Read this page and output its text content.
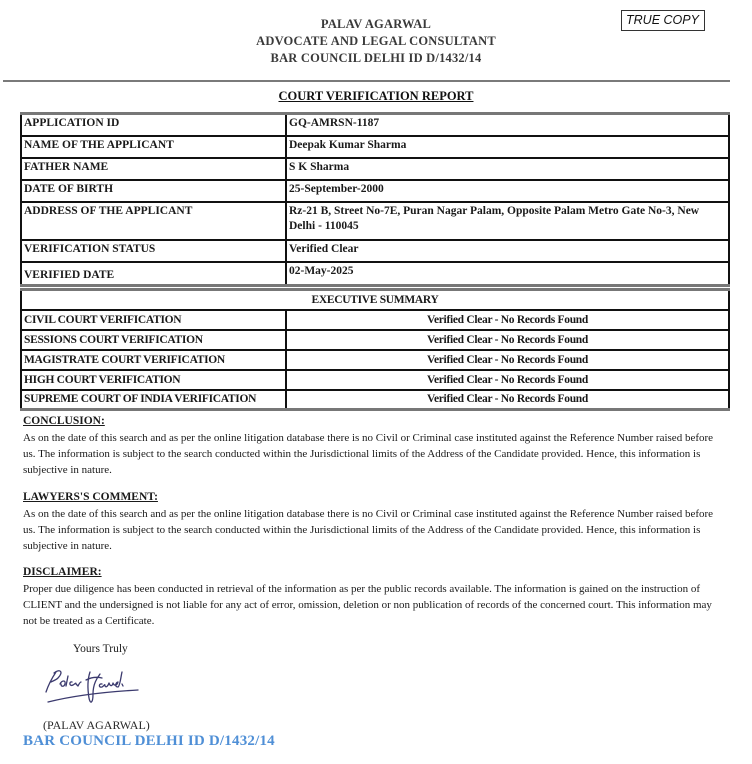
PALAV AGARWAL
ADVOCATE AND LEGAL CONSULTANT
BAR COUNCIL DELHI ID D/1432/14
TRUE COPY
COURT VERIFICATION REPORT
APPLICATION ID	GQ-AMRSN-1187
NAME OF THE APPLICANT	Deepak Kumar Sharma
FATHER NAME	S K Sharma
DATE OF BIRTH	25-September-2000
ADDRESS OF THE APPLICANT	Rz-21 B, Street No-7E, Puran Nagar Palam, Opposite Palam Metro Gate No-3, New Delhi - 110045
VERIFICATION STATUS	Verified Clear
VERIFIED DATE	02-May-2025
EXECUTIVE SUMMARY	
CIVIL COURT VERIFICATION	Verified Clear - No Records Found
SESSIONS COURT VERIFICATION	Verified Clear - No Records Found
MAGISTRATE COURT VERIFICATION	Verified Clear - No Records Found
HIGH COURT VERIFICATION	Verified Clear - No Records Found
SUPREME COURT OF INDIA VERIFICATION	Verified Clear - No Records Found
CONCLUSION:

As on the date of this search and as per the online litigation database there is no Civil or Criminal case instituted against the Reference Number raised before us. The information is subject to the search conducted within the Jurisdictional limits of the Address of the Candidate provided. Hence, this information is subjective in nature.

LAWYERS'S COMMENT:

As on the date of this search and as per the online litigation database there is no Civil or Criminal case instituted against the Reference Number raised before us. The information is subject to the search conducted within the Jurisdictional limits of the Address of the Candidate provided. Hence, this information is subjective in nature.

DISCLAIMER:

Proper due diligence has been conducted in retrieval of the information as per the public records available. The information is gained on the instruction of CLIENT and the undersigned is not liable for any act of error, omission, deletion or non publication of records of the concerned court. This information may not be treated as a Certificate.

Yours Truly
(PALAV AGARWAL)
BAR COUNCIL DELHI ID D/1432/14
